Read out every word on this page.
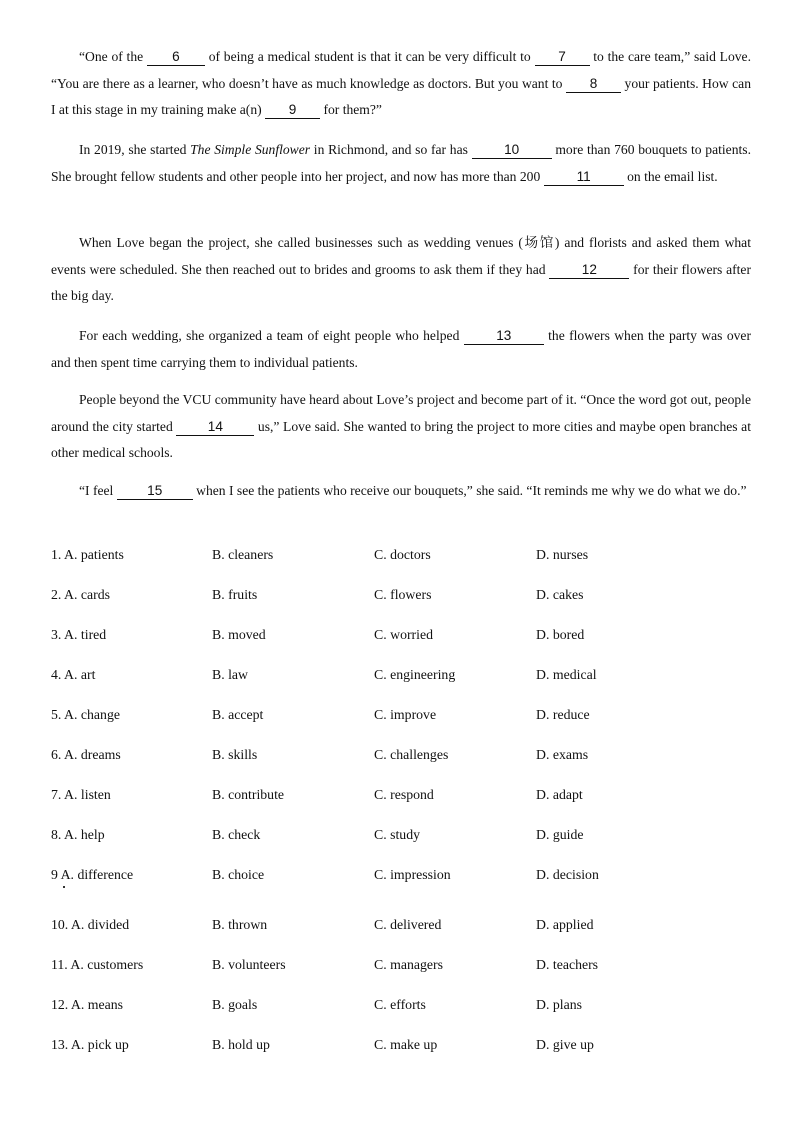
“One of the 6 of being a medical student is that it can be very difficult to 7 to the care team,” said Love. “You are there as a learner, who doesn’t have as much knowledge as doctors. But you want to 8 your patients. How can I at this stage in my training make a(n) 9 for them?”

In 2019, she started The Simple Sunflower in Richmond, and so far has 10 more than 760 bouquets to patients. She brought fellow students and other people into her project, and now has more than 200 11 on the email list.

When Love began the project, she called businesses such as wedding venues (场馆) and florists and asked them what events were scheduled. She then reached out to brides and grooms to ask them if they had 12 for their flowers after the big day.

For each wedding, she organized a team of eight people who helped 13 the flowers when the party was over and then spent time carrying them to individual patients.

People beyond the VCU community have heard about Love’s project and become part of it. “Once the word got out, people around the city started 14 us,” Love said. She wanted to bring the project to more cities and maybe open branches at other medical schools.

“I feel 15 when I see the patients who receive our bouquets,” she said. “It reminds me why we do what we do.”

1. A. patients	B. cleaners	C. doctors	D. nurses
2. A. cards	B. fruits	C. flowers	D. cakes
3. A. tired	B. moved	C. worried	D. bored
4. A. art	B. law	C. engineering	D. medical
5. A. change	B. accept	C. improve	D. reduce
6. A. dreams	B. skills	C. challenges	D. exams
7. A. listen	B. contribute	C. respond	D. adapt
8. A. help	B. check	C. study	D. guide
9 A. difference	B. choice	C. impression	D. decision
10. A. divided	B. thrown	C. delivered	D. applied
11. A. customers	B. volunteers	C. managers	D. teachers
12. A. means	B. goals	C. efforts	D. plans
13. A. pick up	B. hold up	C. make up	D. give up
